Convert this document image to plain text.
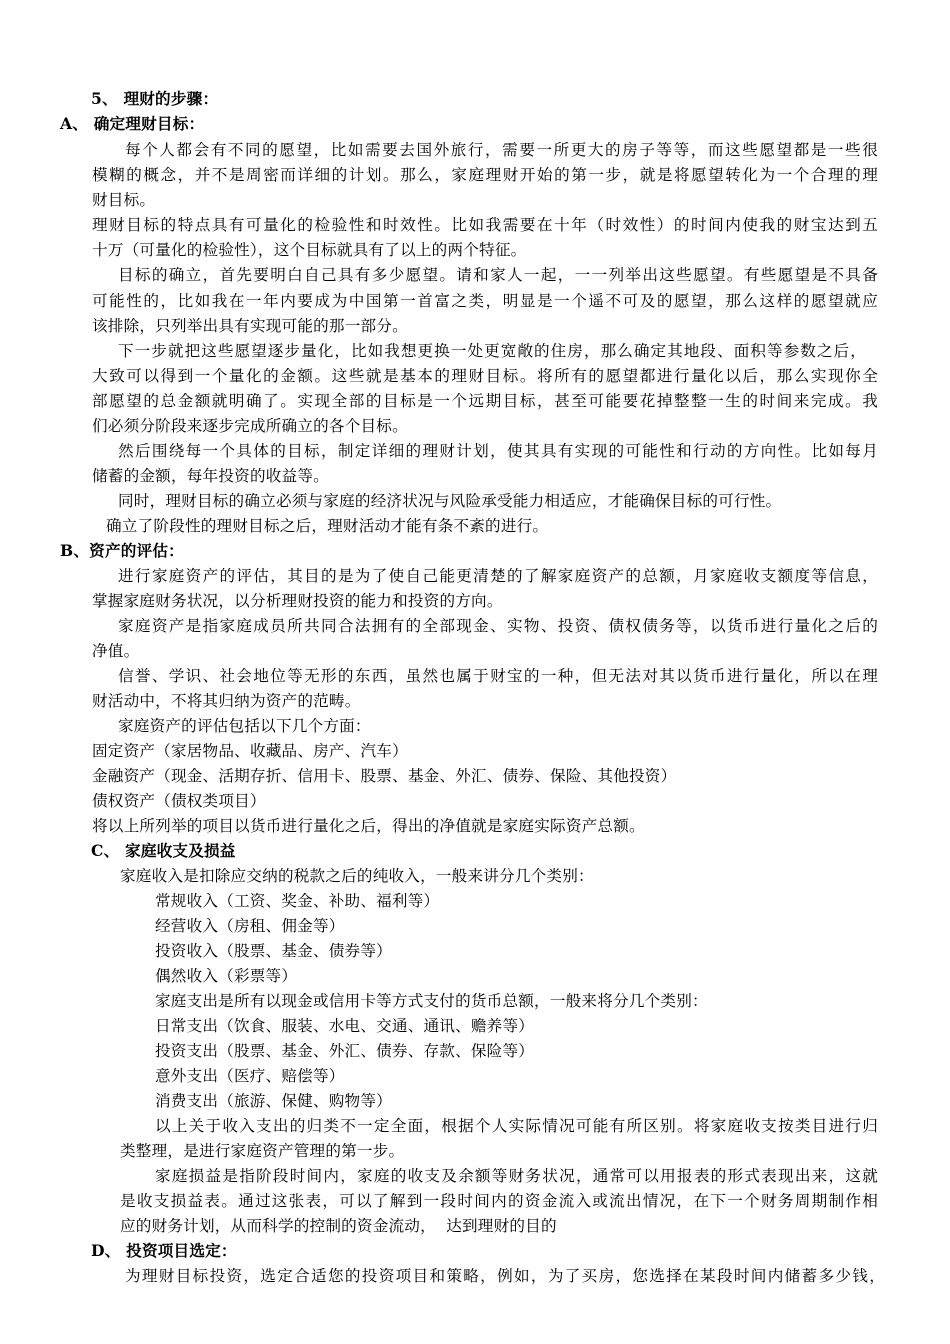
5、 理财的步骤：
A、 确定理财目标：
每个人都会有不同的愿望，比如需要去国外旅行，需要一所更大的房子等等，而这些愿望都是一些很
模糊的概念，并不是周密而详细的计划。那么，家庭理财开始的第一步，就是将愿望转化为一个合理的理
财目标。
理财目标的特点具有可量化的检验性和时效性。比如我需要在十年（时效性）的时间内使我的财宝达到五
十万（可量化的检验性），这个目标就具有了以上的两个特征。
目标的确立，首先要明白自己具有多少愿望。请和家人一起，一一列举出这些愿望。有些愿望是不具备
可能性的，比如我在一年内要成为中国第一首富之类，明显是一个遥不可及的愿望，那么这样的愿望就应
该排除，只列举出具有实现可能的那一部分。
下一步就把这些愿望逐步量化，比如我想更换一处更宽敞的住房，那么确定其地段、面积等参数之后，
大致可以得到一个量化的金额。这些就是基本的理财目标。将所有的愿望都进行量化以后，那么实现你全
部愿望的总金额就明确了。实现全部的目标是一个远期目标，甚至可能要花掉整整一生的时间来完成。我
们必须分阶段来逐步完成所确立的各个目标。
然后围绕每一个具体的目标，制定详细的理财计划，使其具有实现的可能性和行动的方向性。比如每月
储蓄的金额，每年投资的收益等。
同时，理财目标的确立必须与家庭的经济状况与风险承受能力相适应，才能确保目标的可行性。
确立了阶段性的理财目标之后，理财活动才能有条不紊的进行。
B、资产的评估：
进行家庭资产的评估，其目的是为了使自己能更清楚的了解家庭资产的总额，月家庭收支额度等信息，
掌握家庭财务状况，以分析理财投资的能力和投资的方向。
家庭资产是指家庭成员所共同合法拥有的全部现金、实物、投资、债权债务等，以货币进行量化之后的
净值。
信誉、学识、社会地位等无形的东西，虽然也属于财宝的一种，但无法对其以货币进行量化，所以在理
财活动中，不将其归纳为资产的范畴。
家庭资产的评估包括以下几个方面：
固定资产（家居物品、收藏品、房产、汽车）
金融资产（现金、活期存折、信用卡、股票、基金、外汇、债券、保险、其他投资）
债权资产（债权类项目）
将以上所列举的项目以货币进行量化之后，得出的净值就是家庭实际资产总额。
C、 家庭收支及损益
家庭收入是扣除应交纳的税款之后的纯收入，一般来讲分几个类别：
常规收入（工资、奖金、补助、福利等）
经营收入（房租、佣金等）
投资收入（股票、基金、债券等）
偶然收入（彩票等）
家庭支出是所有以现金或信用卡等方式支付的货币总额，一般来将分几个类别：
日常支出（饮食、服装、水电、交通、通讯、赡养等）
投资支出（股票、基金、外汇、债券、存款、保险等）
意外支出（医疗、赔偿等）
消费支出（旅游、保健、购物等）
以上关于收入支出的归类不一定全面，根据个人实际情况可能有所区别。将家庭收支按类目进行归
类整理，是进行家庭资产管理的第一步。
家庭损益是指阶段时间内，家庭的收支及余额等财务状况，通常可以用报表的形式表现出来，这就
是收支损益表。通过这张表，可以了解到一段时间内的资金流入或流出情况，在下一个财务周期制作相
应的财务计划，从而科学的控制的资金流动，  达到理财的目的
D、 投资项目选定：
为理财目标投资，选定合适您的投资项目和策略，例如，为了买房，您选择在某段时间内储蓄多少钱，
